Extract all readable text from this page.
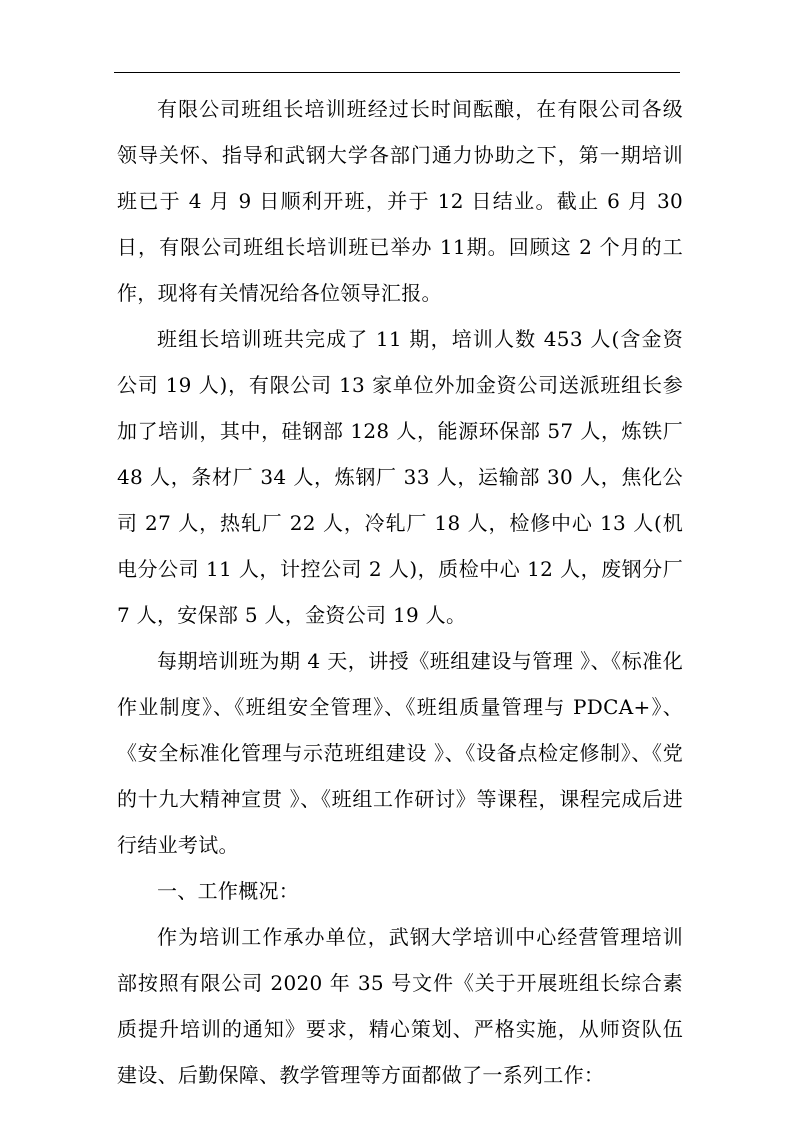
有限公司班组长培训班经过长时间酝酿，在有限公司各级领导关怀、指导和武钢大学各部门通力协助之下，第一期培训班已于 4 月 9 日顺利开班，并于 12 日结业。截止 6 月 30 日，有限公司班组长培训班已举办 11期。回顾这 2 个月的工作，现将有关情况给各位领导汇报。

班组长培训班共完成了 11 期，培训人数 453 人(含金资公司 19 人)，有限公司 13 家单位外加金资公司送派班组长参加了培训，其中，硅钢部 128 人，能源环保部 57 人，炼铁厂 48 人，条材厂 34 人，炼钢厂 33 人，运输部 30 人，焦化公司 27 人，热轧厂 22 人，冷轧厂 18 人，检修中心 13 人(机电分公司 11 人，计控公司 2 人)，质检中心 12 人，废钢分厂 7 人，安保部 5 人，金资公司 19 人。

每期培训班为期 4 天，讲授《班组建设与管理 》、《标准化作业制度》、《班组安全管理》、《班组质量管理与 PDCA+》、《安全标准化管理与示范班组建设 》、《设备点检定修制》、《党的十九大精神宣贯 》、《班组工作研讨》等课程，课程完成后进行结业考试。

一、工作概况：

作为培训工作承办单位，武钢大学培训中心经营管理培训部按照有限公司 2020 年 35 号文件《关于开展班组长综合素质提升培训的通知》要求，精心策划、严格实施，从师资队伍建设、后勤保障、教学管理等方面都做了一系列工作：
